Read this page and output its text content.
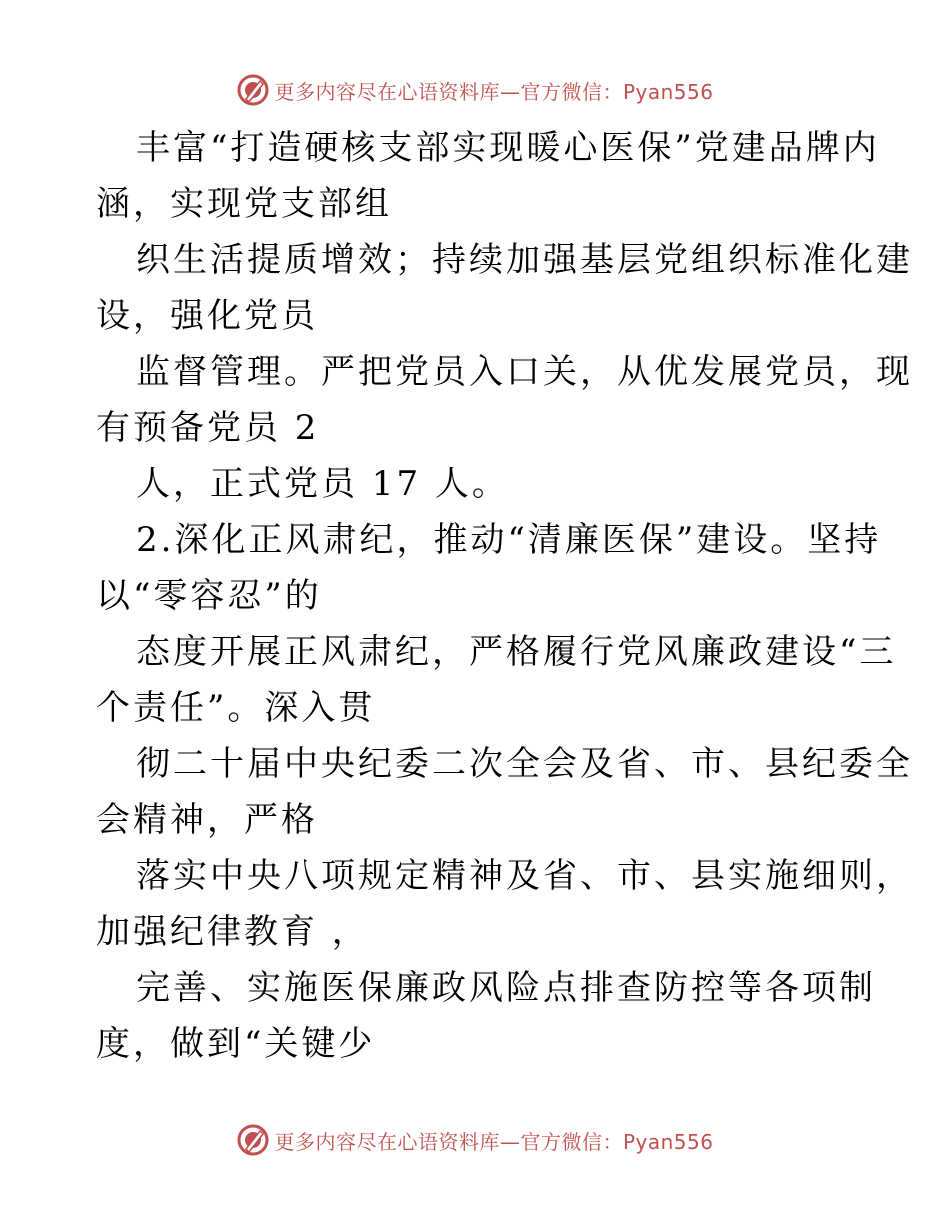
更多内容尽在心语资料库—官方微信：Pyan556
丰富“打造硬核支部实现暖心医保”党建品牌内
涵，实现党支部组
织生活提质增效；持续加强基层党组织标准化建
设，强化党员
监督管理。严把党员入口关，从优发展党员，现
有预备党员 2
人，正式党员 17 人。
2.深化正风肃纪，推动“清廉医保”建设。坚持
以“零容忍”的
态度开展正风肃纪，严格履行党风廉政建设“三
个责任”。深入贯
彻二十届中央纪委二次全会及省、市、县纪委全
会精神，严格
落实中央八项规定精神及省、市、县实施细则，
加强纪律教育 ，
完善、实施医保廉政风险点排查防控等各项制
度，做到“关键少
更多内容尽在心语资料库—官方微信：Pyan556
